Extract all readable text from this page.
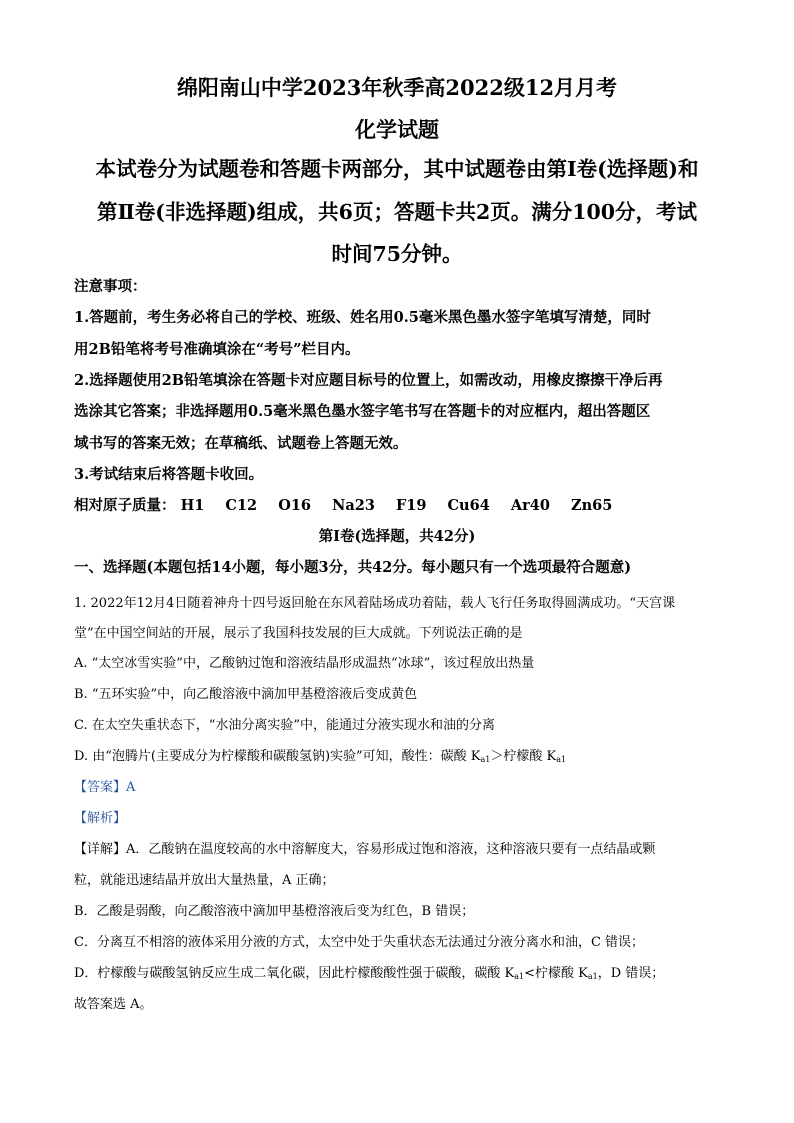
绵阳南山中学2023年秋季高2022级12月月考
化学试题
本试卷分为试题卷和答题卡两部分，其中试题卷由第Ⅰ卷(选择题)和
第Ⅱ卷(非选择题)组成，共6页；答题卡共2页。满分100分，考试
时间75分钟。
注意事项：
1.答题前，考生务必将自己的学校、班级、姓名用0.5毫米黑色墨水签字笔填写清楚，同时
用2B铅笔将考号准确填涂在“考号”栏目内。
2.选择题使用2B铅笔填涂在答题卡对应题目标号的位置上，如需改动，用橡皮擦擦干净后再
选涂其它答案；非选择题用0.5毫米黑色墨水签字笔书写在答题卡的对应框内，超出答题区
域书写的答案无效；在草稿纸、试题卷上答题无效。
3.考试结束后将答题卡收回。
相对原子质量： H1 C12 O16 Na23 F19 Cu64 Ar40 Zn65
第Ⅰ卷(选择题，共42分)
一、选择题(本题包括14小题，每小题3分，共42分。每小题只有一个选项最符合题意)
1. 2022年12月4日随着神舟十四号返回舱在东风着陆场成功着陆，载人飞行任务取得圆满成功。“天宫课
堂”在中国空间站的开展，展示了我国科技发展的巨大成就。下列说法正确的是
A. “太空冰雪实验”中，乙酸钠过饱和溶液结晶形成温热“冰球”，该过程放出热量
B. “五环实验”中，向乙酸溶液中滴加甲基橙溶液后变成黄色
C. 在太空失重状态下，“水油分离实验”中，能通过分液实现水和油的分离
D. 由“泡腾片(主要成分为柠檬酸和碳酸氢钠)实验”可知，酸性：碳酸 $K_{a1}>$柠檬酸 $K_{a1}$
【答案】A
【解析】
【详解】A．乙酸钠在温度较高的水中溶解度大，容易形成过饱和溶液，这种溶液只要有一点结晶或颗
粒，就能迅速结晶并放出大量热量，A 正确；
B．乙酸是弱酸，向乙酸溶液中滴加甲基橙溶液后变为红色，B 错误；
C．分离互不相溶的液体采用分液的方式，太空中处于失重状态无法通过分液分离水和油，C 错误；
D．柠檬酸与碳酸氢钠反应生成二氧化碳，因此柠檬酸酸性强于碳酸，碳酸 $K_{a1}<$柠檬酸 $K_{a1}$，D 错误；
故答案选 A。
